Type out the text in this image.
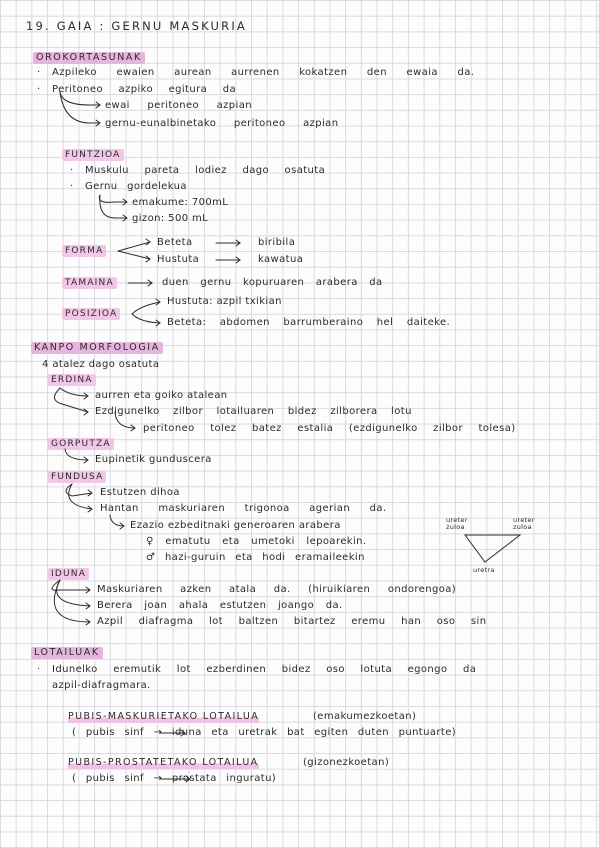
19. GAIA : GERNU MASKURIA
OROKORTASUNAK
· Azpileko ewaien aurean aurrenen kokatzen den ewaia da.
· Peritoneo azpiko egitura da
ewai peritoneo azpian
gernu-eunalbinetako peritoneo azpian
FUNTZIOA
· Muskulu pareta lodiez dago osatuta
· Gernu gordelekua
emakume: 700mL
gizon: 500 mL
FORMA
Beteta	biribila
Hustuta	kawatua
TAMAINA	duen gernu kopuruaren arabera da
POSIZIOA
Hustuta: azpil txikian
Beteta: abdomen barrumberaino hel daiteke.
KANPO MORFOLOGIA
4 atalez dago osatuta
ERDINA
aurren eta goiko atalean
Ezdigunelko zilbor lotailuaren bidez zilborera lotu
peritoneo tolez batez estalia (ezdigunelko zilbor tolesa)
GORPUTZA
Eupinetik gunduscera
FUNDUSA
Estutzen dihoa
Hantan maskuriaren trigonoa agerian da.
Ezazio ezbeditnaki generoaren arabera
♀ ematutu eta umetoki lepoarekin.
♂ hazi-guruin eta hodi eramaileekin
ureter zuloa
ureter zuloa
uretra
IDUNA
Maskuriaren azken atala da. (hiruikiaren ondorengoa)
Berera joan ahala estutzen joango da.
Azpil diafragma lot baltzen bitartez eremu han oso sin
LOTAILUAK
· Idunelko eremutik lot ezberdinen bidez oso lotuta egongo da
azpil-diafragmara.
PUBIS-MASKURIETAKO LOTAILUA	(emakumezkoetan)
( pubis sinf → iduna eta uretrak bat egiten duten puntuarte)
PUBIS-PROSTATETAKO LOTAILUA	(gizonezkoetan)
( pubis sinf → prostata inguratu)
